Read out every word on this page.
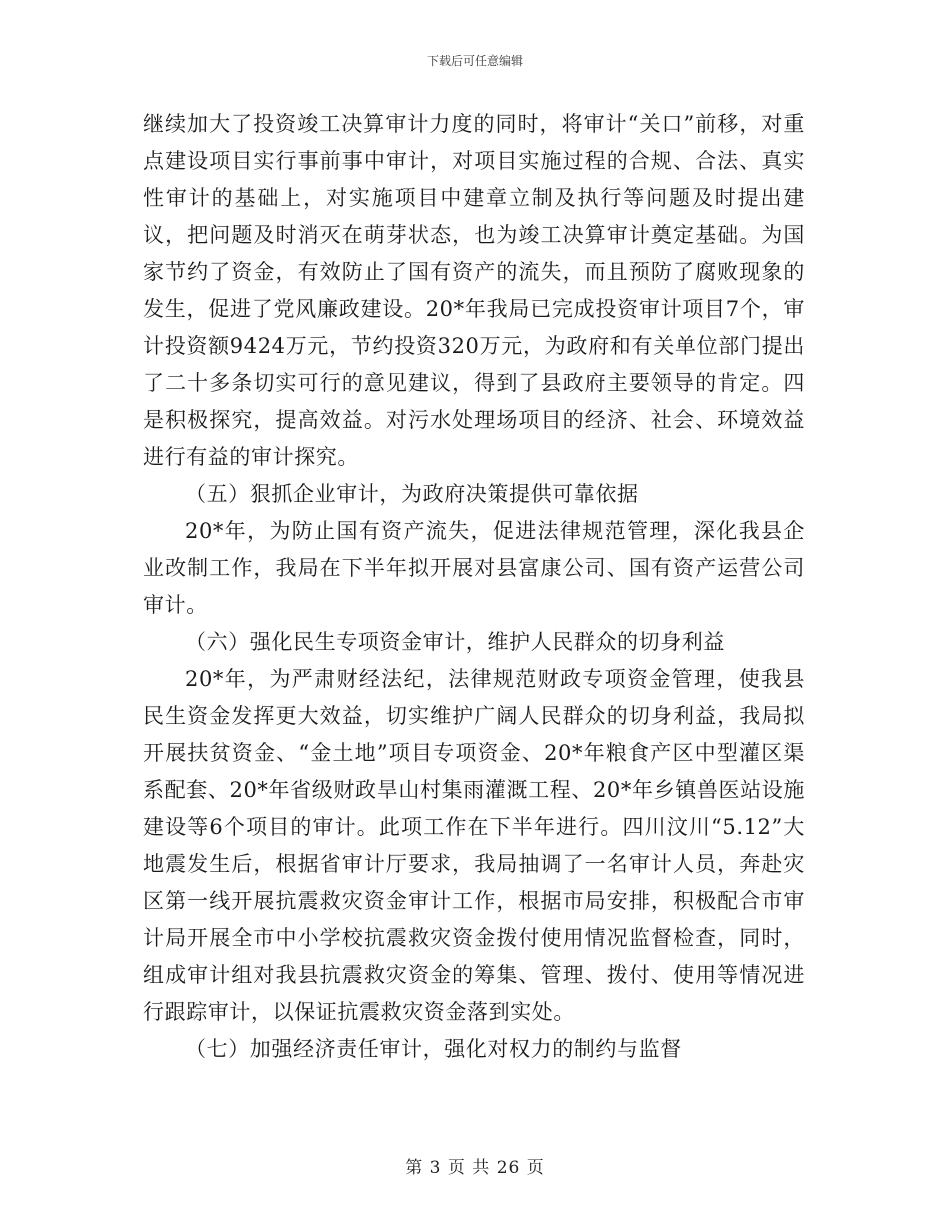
下载后可任意编辑

继续加大了投资竣工决算审计力度的同时，将审计“关口”前移，对重点建设项目实行事前事中审计，对项目实施过程的合规、合法、真实性审计的基础上，对实施项目中建章立制及执行等问题及时提出建议，把问题及时消灭在萌芽状态，也为竣工决算审计奠定基础。为国家节约了资金，有效防止了国有资产的流失，而且预防了腐败现象的发生，促进了党风廉政建设。20*年我局已完成投资审计项目7个，审计投资额9424万元，节约投资320万元，为政府和有关单位部门提出了二十多条切实可行的意见建议，得到了县政府主要领导的肯定。四是积极探究，提高效益。对污水处理场项目的经济、社会、环境效益进行有益的审计探究。

（五）狠抓企业审计，为政府决策提供可靠依据

20*年，为防止国有资产流失，促进法律规范管理，深化我县企业改制工作，我局在下半年拟开展对县富康公司、国有资产运营公司审计。

（六）强化民生专项资金审计，维护人民群众的切身利益

20*年，为严肃财经法纪，法律规范财政专项资金管理，使我县民生资金发挥更大效益，切实维护广阔人民群众的切身利益，我局拟开展扶贫资金、“金土地”项目专项资金、20*年粮食产区中型灌区渠系配套、20*年省级财政旱山村集雨灌溉工程、20*年乡镇兽医站设施建设等6个项目的审计。此项工作在下半年进行。四川汶川“5.12”大地震发生后，根据省审计厅要求，我局抽调了一名审计人员，奔赴灾区第一线开展抗震救灾资金审计工作，根据市局安排，积极配合市审计局开展全市中小学校抗震救灾资金拨付使用情况监督检查，同时，组成审计组对我县抗震救灾资金的筹集、管理、拨付、使用等情况进行跟踪审计，以保证抗震救灾资金落到实处。

（七）加强经济责任审计，强化对权力的制约与监督

第 3 页 共 26 页
